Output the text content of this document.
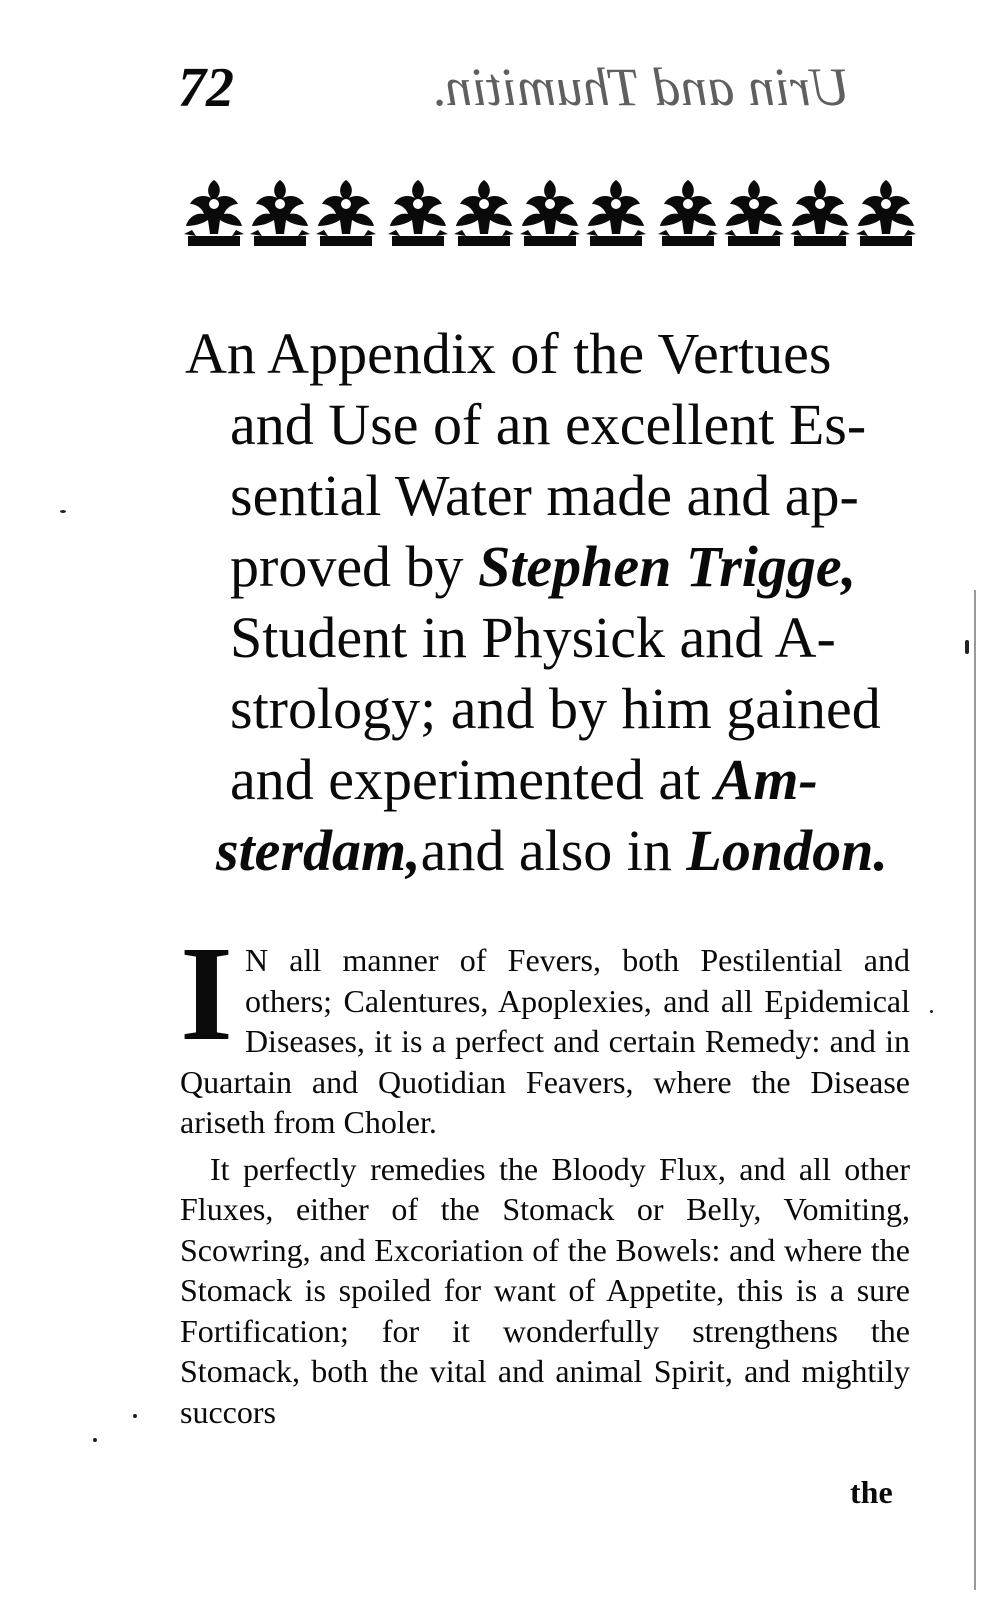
72	Urin and Thumitin.
An Appendix of the Vertues
and Use of an excellent Es-
sential Water made and ap-
proved by Stephen Trigge,
Student in Physick and A-
strology; and by him gained
and experimented at Am-
sterdam,and also in London.

I N all manner of Fevers, both Pestilential and others; Calentures, Apoplexies, and all Epidemical Diseases, it is a perfect and certain Remedy: and in Quartain and Quotidian Feavers, where the Disease ariseth from Choler.

It perfectly remedies the Bloody Flux, and all other Fluxes, either of the Stomack or Belly, Vomiting, Scowring, and Excoriation of the Bowels: and where the Stomack is spoiled for want of Appetite, this is a sure Fortification; for it wonderfully strengthens the Stomack, both the vital and animal Spirit, and mightily succors

the
